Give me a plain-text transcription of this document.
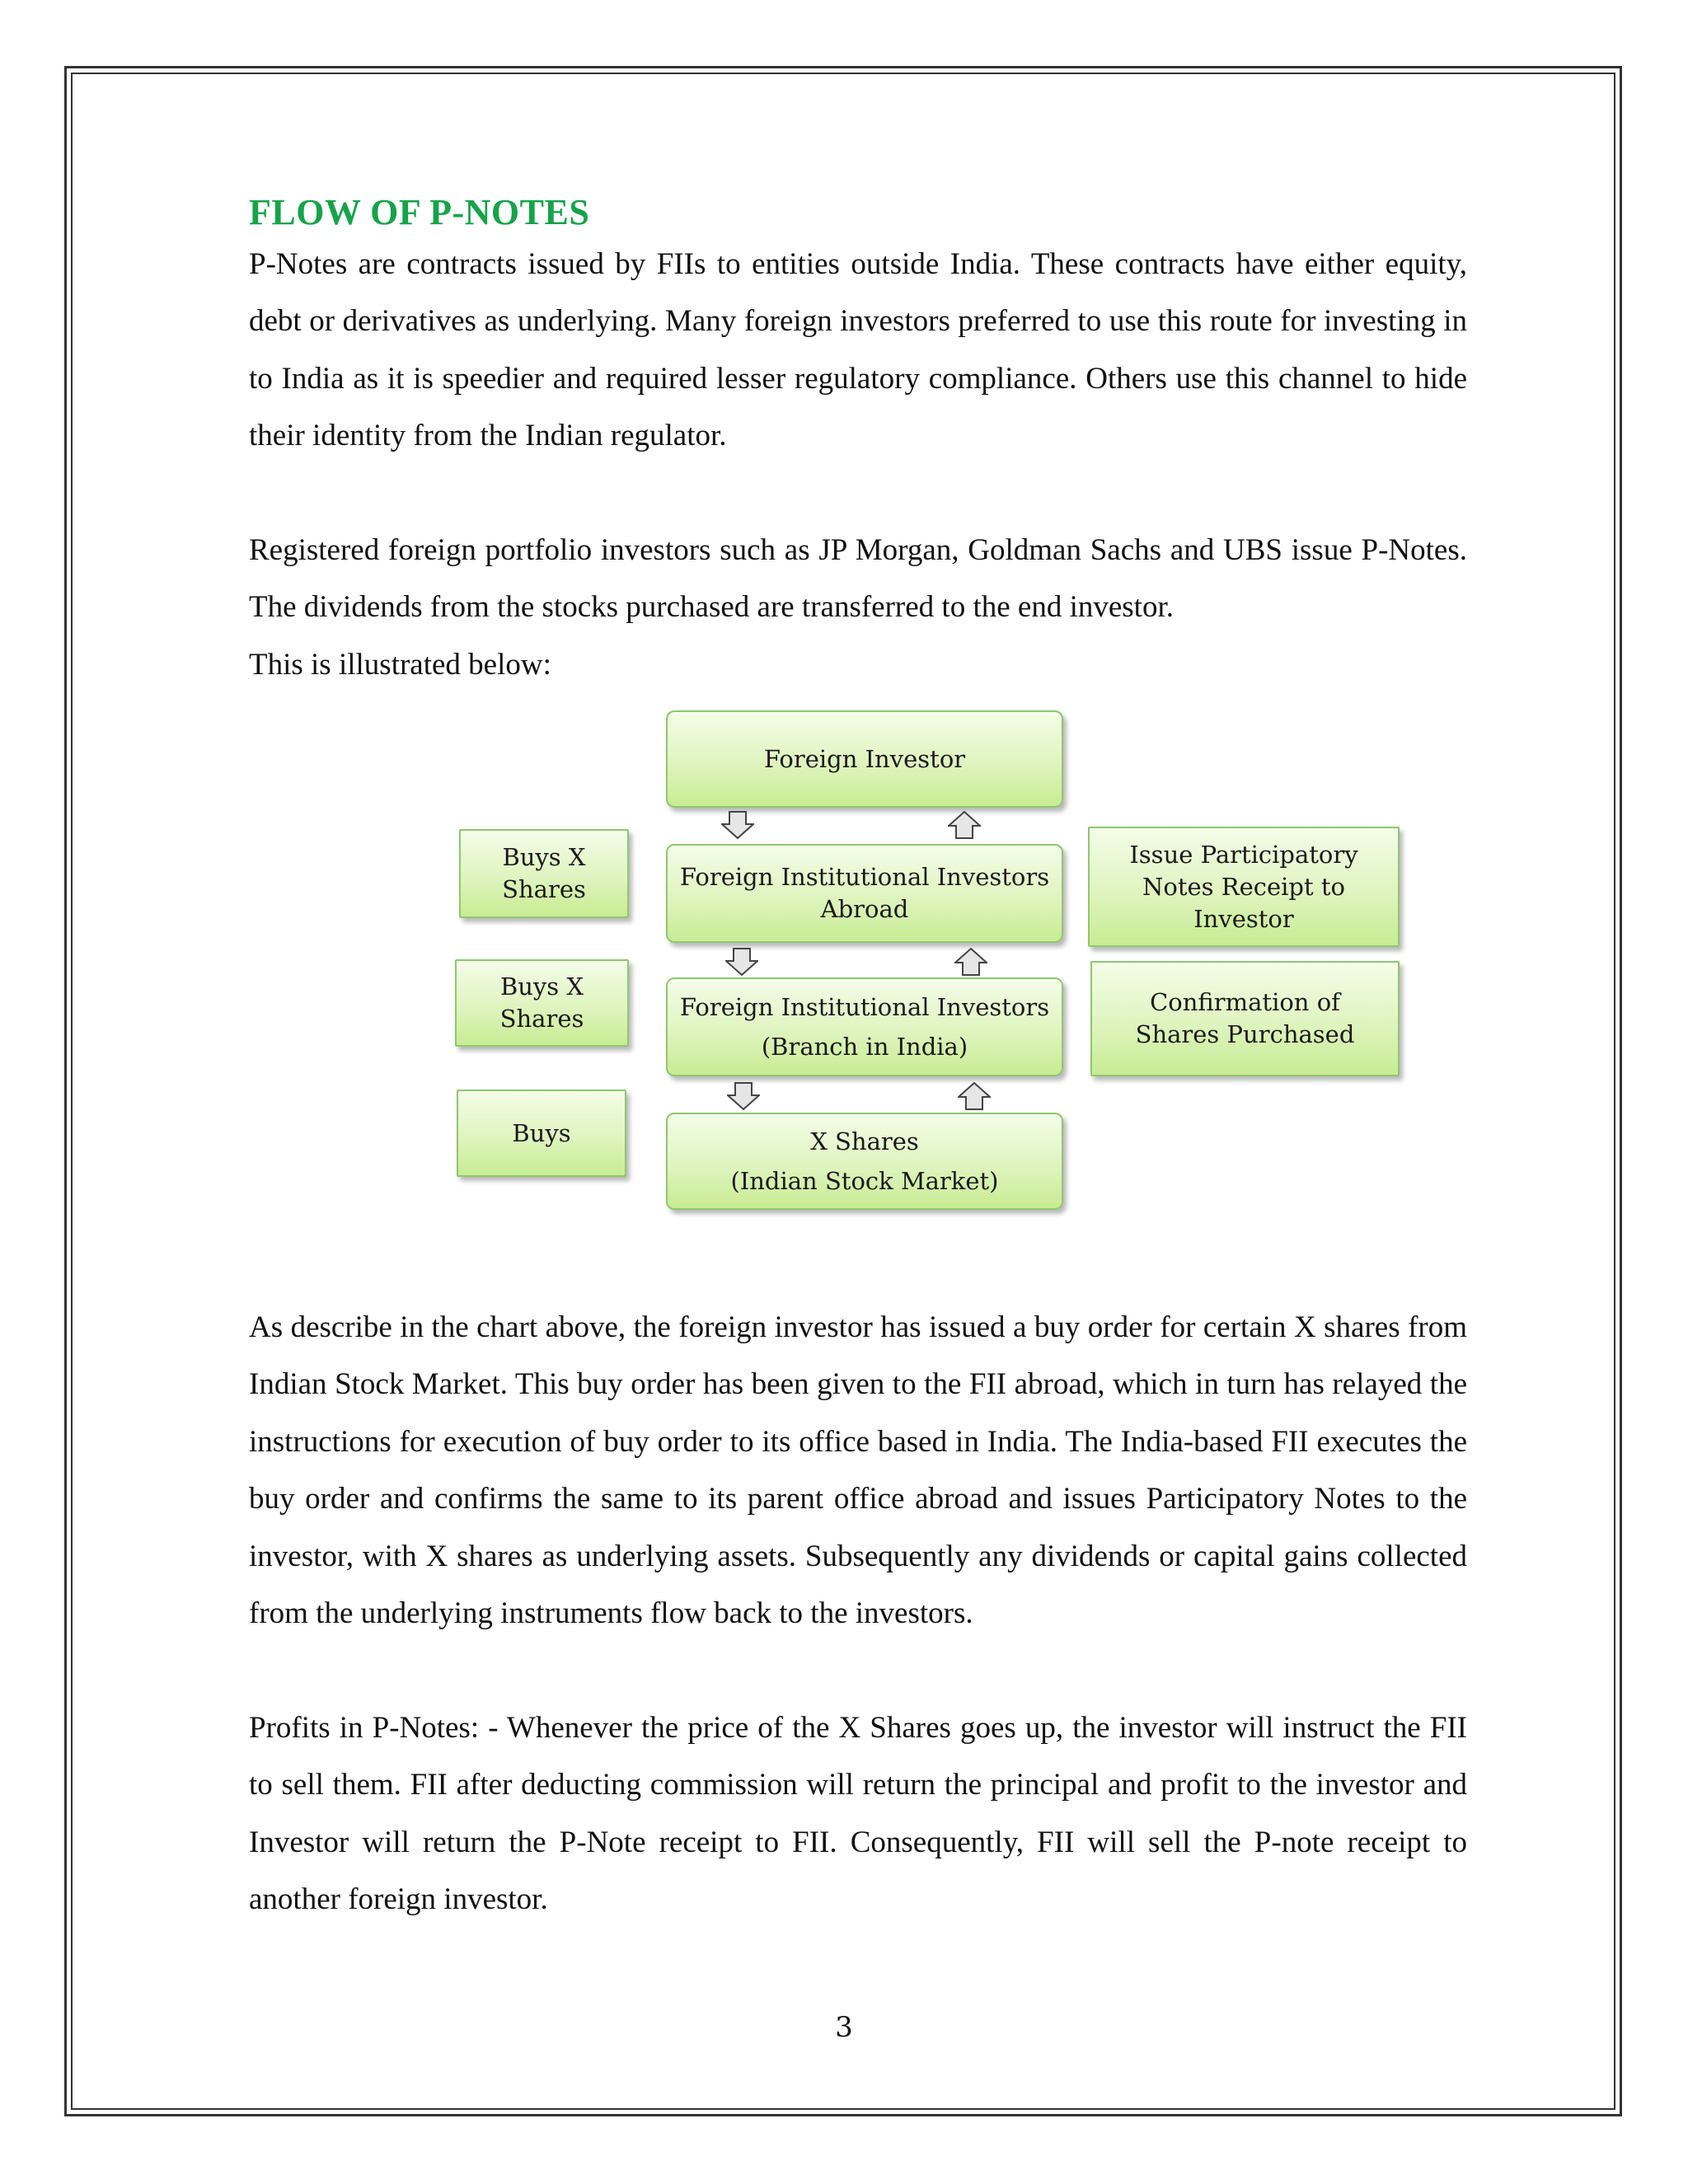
FLOW OF P-NOTES

P-Notes are contracts issued by FIIs to entities outside India. These contracts have either equity, debt or derivatives as underlying. Many foreign investors preferred to use this route for investing in to India as it is speedier and required lesser regulatory compliance. Others use this channel to hide their identity from the Indian regulator.

Registered foreign portfolio investors such as JP Morgan, Goldman Sachs and UBS issue P-Notes. The dividends from the stocks purchased are transferred to the end investor.

This is illustrated below:

Foreign Investor
Foreign Institutional Investors
Abroad
Foreign Institutional Investors
(Branch in India)
X Shares
(Indian Stock Market)
Buys X
Shares
Buys X
Shares
Buys
Issue Participatory
Notes Receipt to
Investor
Confirmation of
Shares Purchased

As describe in the chart above, the foreign investor has issued a buy order for certain X shares from Indian Stock Market. This buy order has been given to the FII abroad, which in turn has relayed the instructions for execution of buy order to its office based in India. The India-based FII executes the buy order and confirms the same to its parent office abroad and issues Participatory Notes to the investor, with X shares as underlying assets. Subsequently any dividends or capital gains collected from the underlying instruments flow back to the investors.

Profits in P-Notes: - Whenever the price of the X Shares goes up, the investor will instruct the FII to sell them. FII after deducting commission will return the principal and profit to the investor and Investor will return the P-Note receipt to FII. Consequently, FII will sell the P-note receipt to another foreign investor.

3
